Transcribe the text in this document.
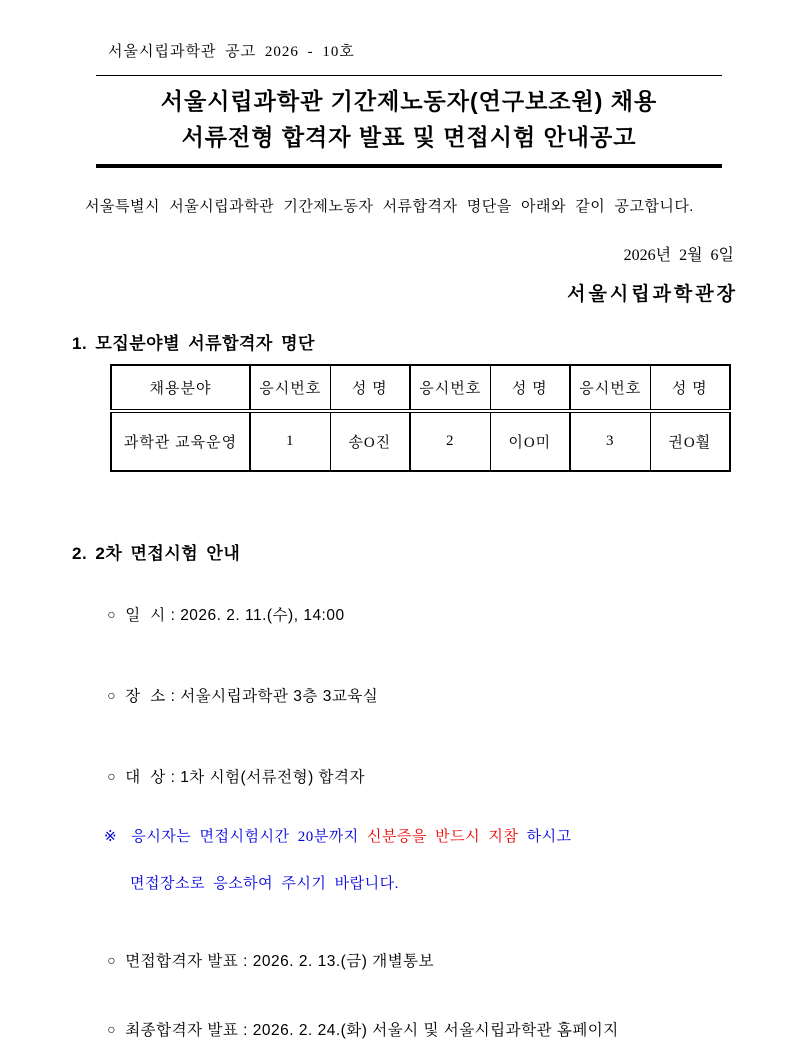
서울시립과학관 공고 2026 - 10호
서울시립과학관 기간제노동자(연구보조원) 채용
서류전형 합격자 발표 및 면접시험 안내공고

서울특별시 서울시립과학관 기간제노동자 서류합격자 명단을 아래와 같이 공고합니다.

2026년 2월 6일
서울시립과학관장
1. 모집분야별 서류합격자 명단
채용분야	응시번호	성 명	응시번호	성 명	응시번호	성 명
과학관 교육운영	1	송O진	2	이O미	3	권O훨
2. 2차 면접시험 안내

○ 일  시 : 2026. 2. 11.(수), 14:00

○ 장  소 : 서울시립과학관 3층 3교육실

○ 대  상 : 1차 시험(서류전형) 합격자

※ 응시자는 면접시험시간 20분까지 신분증을 반드시 지참 하시고
면접장소로 응소하여 주시기 바랍니다.

○ 면접합격자 발표 : 2026. 2. 13.(금) 개별통보

○ 최종합격자 발표 : 2026. 2. 24.(화) 서울시 및 서울시립과학관 홈페이지
